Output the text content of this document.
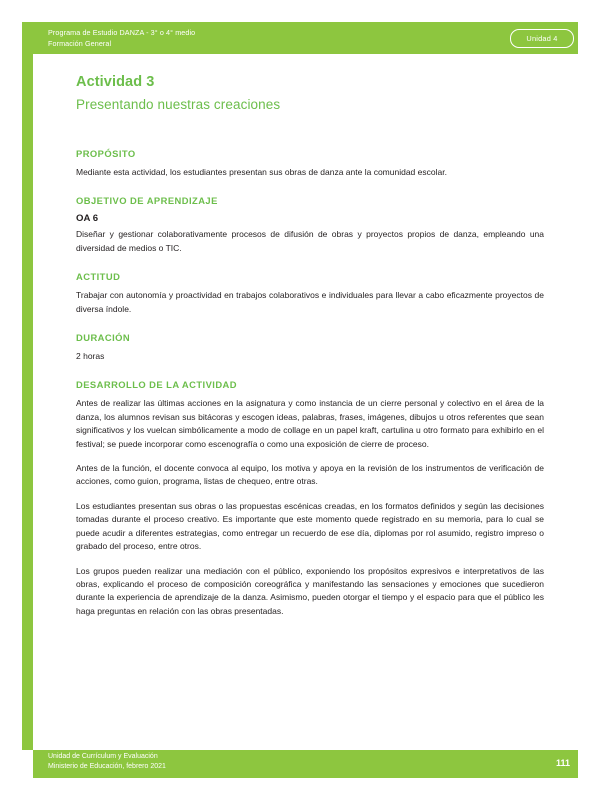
Programa de Estudio DANZA - 3° o 4° medio
Formación General	Unidad 4
Actividad 3
Presentando nuestras creaciones
PROPÓSITO

Mediante esta actividad, los estudiantes presentan sus obras de danza ante la comunidad escolar.

OBJETIVO DE APRENDIZAJE

OA 6

Diseñar y gestionar colaborativamente procesos de difusión de obras y proyectos propios de danza, empleando una diversidad de medios o TIC.

ACTITUD

Trabajar con autonomía y proactividad en trabajos colaborativos e individuales para llevar a cabo eficazmente proyectos de diversa índole.

DURACIÓN

2 horas

DESARROLLO DE LA ACTIVIDAD

Antes de realizar las últimas acciones en la asignatura y como instancia de un cierre personal y colectivo en el área de la danza, los alumnos revisan sus bitácoras y escogen ideas, palabras, frases, imágenes, dibujos u otros referentes que sean significativos y los vuelcan simbólicamente a modo de collage en un papel kraft, cartulina u otro formato para exhibirlo en el festival; se puede incorporar como escenografía o como una exposición de cierre de proceso.

Antes de la función, el docente convoca al equipo, los motiva y apoya en la revisión de los instrumentos de verificación de acciones, como guion, programa, listas de chequeo, entre otras.

Los estudiantes presentan sus obras o las propuestas escénicas creadas, en los formatos definidos y según las decisiones tomadas durante el proceso creativo. Es importante que este momento quede registrado en su memoria, para lo cual se puede acudir a diferentes estrategias, como entregar un recuerdo de ese día, diplomas por rol asumido, registro impreso o grabado del proceso, entre otros.

Los grupos pueden realizar una mediación con el público, exponiendo los propósitos expresivos e interpretativos de las obras, explicando el proceso de composición coreográfica y manifestando las sensaciones y emociones que sucedieron durante la experiencia de aprendizaje de la danza. Asimismo, pueden otorgar el tiempo y el espacio para que el público les haga preguntas en relación con las obras presentadas.

Unidad de Currículum y Evaluación
Ministerio de Educación, febrero 2021	111
